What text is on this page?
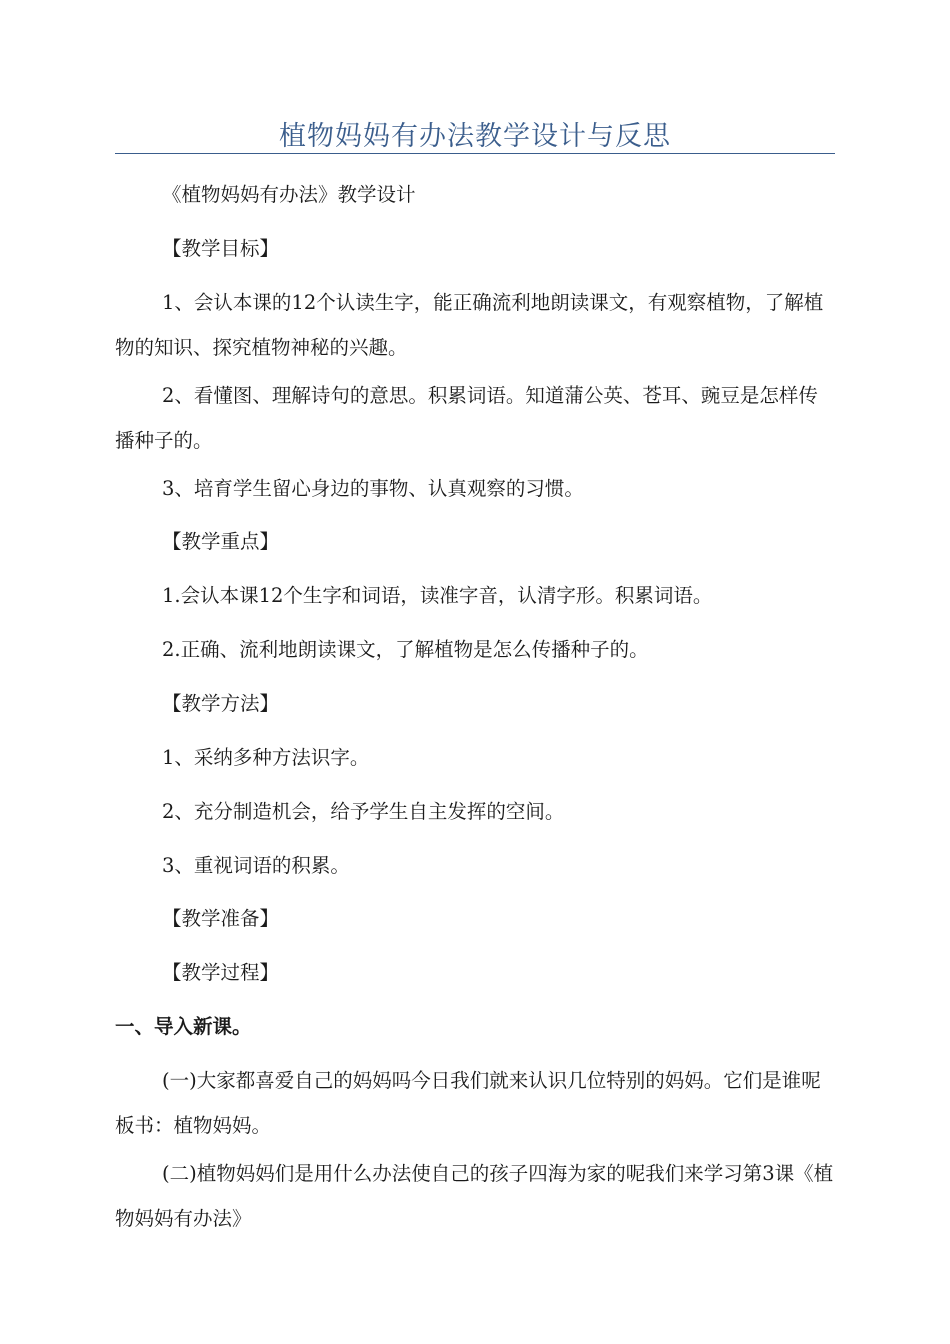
植物妈妈有办法教学设计与反思

《植物妈妈有办法》教学设计

【教学目标】

1、会认本课的12个认读生字，能正确流利地朗读课文，有观察植物，了解植物的知识、探究植物神秘的兴趣。

2、看懂图、理解诗句的意思。积累词语。知道蒲公英、苍耳、豌豆是怎样传播种子的。

3、培育学生留心身边的事物、认真观察的习惯。

【教学重点】

1.会认本课12个生字和词语，读准字音，认清字形。积累词语。

2.正确、流利地朗读课文，了解植物是怎么传播种子的。

【教学方法】

1、采纳多种方法识字。

2、充分制造机会，给予学生自主发挥的空间。

3、重视词语的积累。

【教学准备】

【教学过程】

一、导入新课。

(一)大家都喜爱自己的妈妈吗今日我们就来认识几位特别的妈妈。它们是谁呢板书：植物妈妈。

(二)植物妈妈们是用什么办法使自己的孩子四海为家的呢我们来学习第3课《植物妈妈有办法》
